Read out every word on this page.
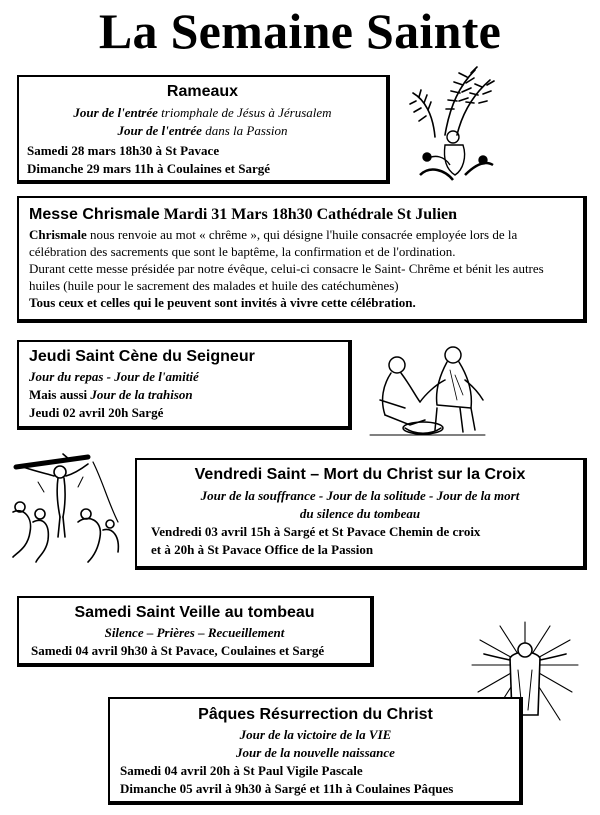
La Semaine Sainte
Rameaux
Jour de l'entrée triomphale de Jésus à Jérusalem
Jour de l'entrée dans la Passion
Samedi 28 mars 18h30 à St Pavace
Dimanche 29 mars 11h à Coulaines et Sargé
Messe Chrismale Mardi 31 Mars 18h30 Cathédrale St Julien
Chrismale nous renvoie au mot « chrême », qui désigne l'huile consacrée employée lors de la célébration des sacrements que sont le baptême, la confirmation et de l'ordination.
Durant cette messe présidée par notre évêque, celui-ci consacre le Saint- Chrême et bénit les autres huiles (huile pour le sacrement des malades et huile des catéchumènes)
Tous ceux et celles qui le peuvent sont invités à vivre cette célébration.
Jeudi Saint Cène du Seigneur
Jour du repas - Jour de l'amitié
Mais aussi Jour de la trahison
Jeudi 02 avril 20h Sargé
Vendredi Saint – Mort du Christ sur la Croix
Jour de la souffrance - Jour de la solitude - Jour de la mort
du silence du tombeau
Vendredi 03 avril 15h à Sargé et St Pavace Chemin de croix
et à 20h à St Pavace Office de la Passion
Samedi Saint Veille au tombeau
Silence – Prières – Recueillement
Samedi 04 avril 9h30 à St Pavace, Coulaines et Sargé
Pâques Résurrection du Christ
Jour de la victoire de la VIE
Jour de la nouvelle naissance
Samedi 04 avril 20h à St Paul Vigile Pascale
Dimanche 05 avril à 9h30 à Sargé et 11h à Coulaines Pâques
